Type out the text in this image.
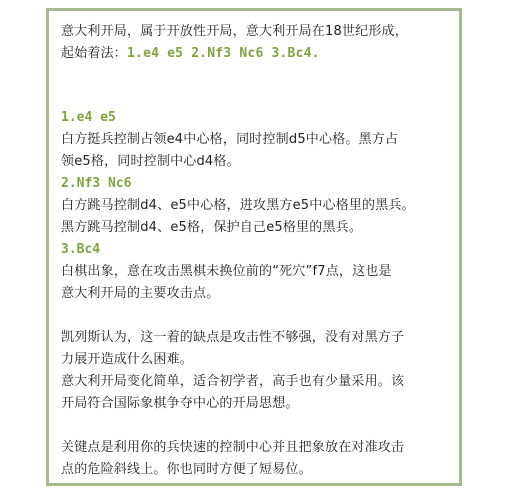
意大利开局，属于开放性开局，意大利开局在18世纪形成，

起始着法：1.e4 e5 2.Nf3 Nc6 3.Bc4.

1.e4 e5

白方挺兵控制占领e4中心格，同时控制d5中心格。黑方占

领e5格，同时控制中心d4格。

2.Nf3 Nc6

白方跳马控制d4、e5中心格，进攻黑方e5中心格里的黑兵。

黑方跳马控制d4、e5格，保护自己e5格里的黑兵。

3.Bc4

白棋出象，意在攻击黑棋未换位前的“死穴”f7点，这也是

意大利开局的主要攻击点。

凯列斯认为，这一着的缺点是攻击性不够强，没有对黑方子

力展开造成什么困难。

意大利开局变化简单，适合初学者，高手也有少量采用。该

开局符合国际象棋争夺中心的开局思想。

关键点是利用你的兵快速的控制中心并且把象放在对准攻击

点的危险斜线上。你也同时方便了短易位。
